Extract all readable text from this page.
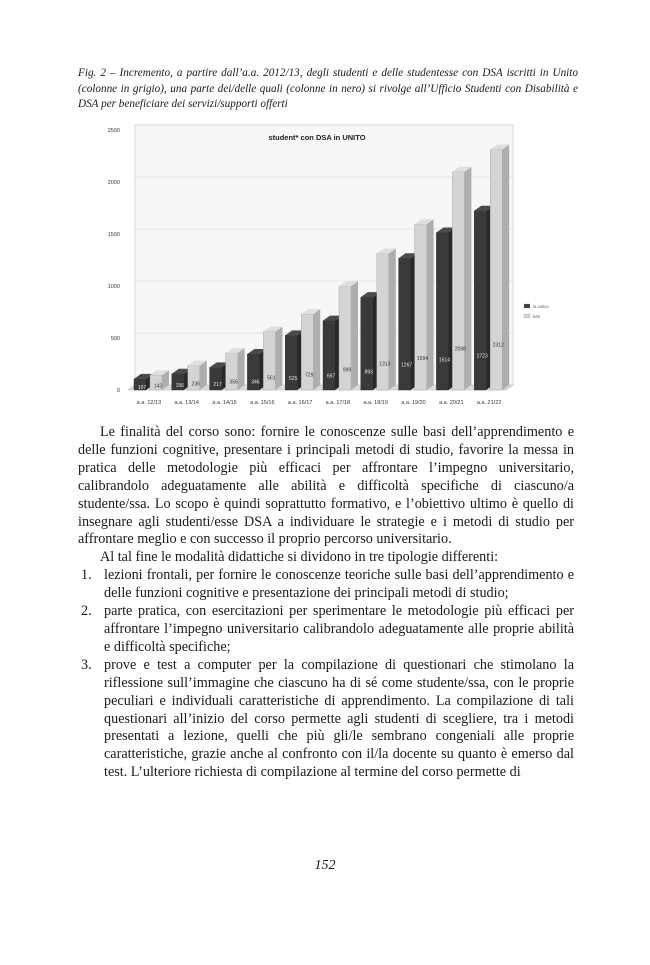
Fig. 2 – Incremento, a partire dall’a.a. 2012/13, degli studenti e delle studentesse con DSA iscritti in Unito (colonne in grigio), una parte dei/delle quali (colonne in nero) si rivolge all’Ufficio Studenti con Disabilità e DSA per beneficiare dei servizi/supporti offerti
0
500
1000
1500
2000
2500
student* con DSA in UNITO
107 143
a.a. 12/13
156 236
a.a. 13/14
217 356
a.a. 14/15
346
561
a.a. 15/16
525
729
a.a. 16/17
667
999
a.a. 17/18
893
1313
a.a. 18/19
1267
1594
a.a. 19/20
1514
2098
a.a. 20/21
1723
2312
a.a. 21/22
in carico
tutti

Le finalità del corso sono: fornire le conoscenze sulle basi dell’apprendimento e delle funzioni cognitive, presentare i principali metodi di studio, favorire la messa in pratica delle metodologie più efficaci per affrontare l’impegno universitario, calibrandolo adeguatamente alle abilità e difficoltà specifiche di ciascuno/a studente/ssa. Lo scopo è quindi soprattutto formativo, e l’obiettivo ultimo è quello di insegnare agli studenti/esse DSA a individuare le strategie e i metodi di studio per affrontare meglio e con successo il proprio percorso universitario.

Al tal fine le modalità didattiche si dividono in tre tipologie differenti:

1. lezioni frontali, per fornire le conoscenze teoriche sulle basi dell’apprendimento e delle funzioni cognitive e presentazione dei principali metodi di studio;
2. parte pratica, con esercitazioni per sperimentare le metodologie più efficaci per affrontare l’impegno universitario calibrandolo adeguatamente alle proprie abilità e difficoltà specifiche;
3. prove e test a computer per la compilazione di questionari che stimolano la riflessione sull’immagine che ciascuno ha di sé come studente/ssa, con le proprie peculiari e individuali caratteristiche di apprendimento. La compilazione di tali questionari all’inizio del corso permette agli studenti di scegliere, tra i metodi presentati a lezione, quelli che più gli/le sembrano congeniali alle proprie caratteristiche, grazie anche al confronto con il/la docente su quanto è emerso dal test. L’ulteriore richiesta di compilazione al termine del corso permette di
152
